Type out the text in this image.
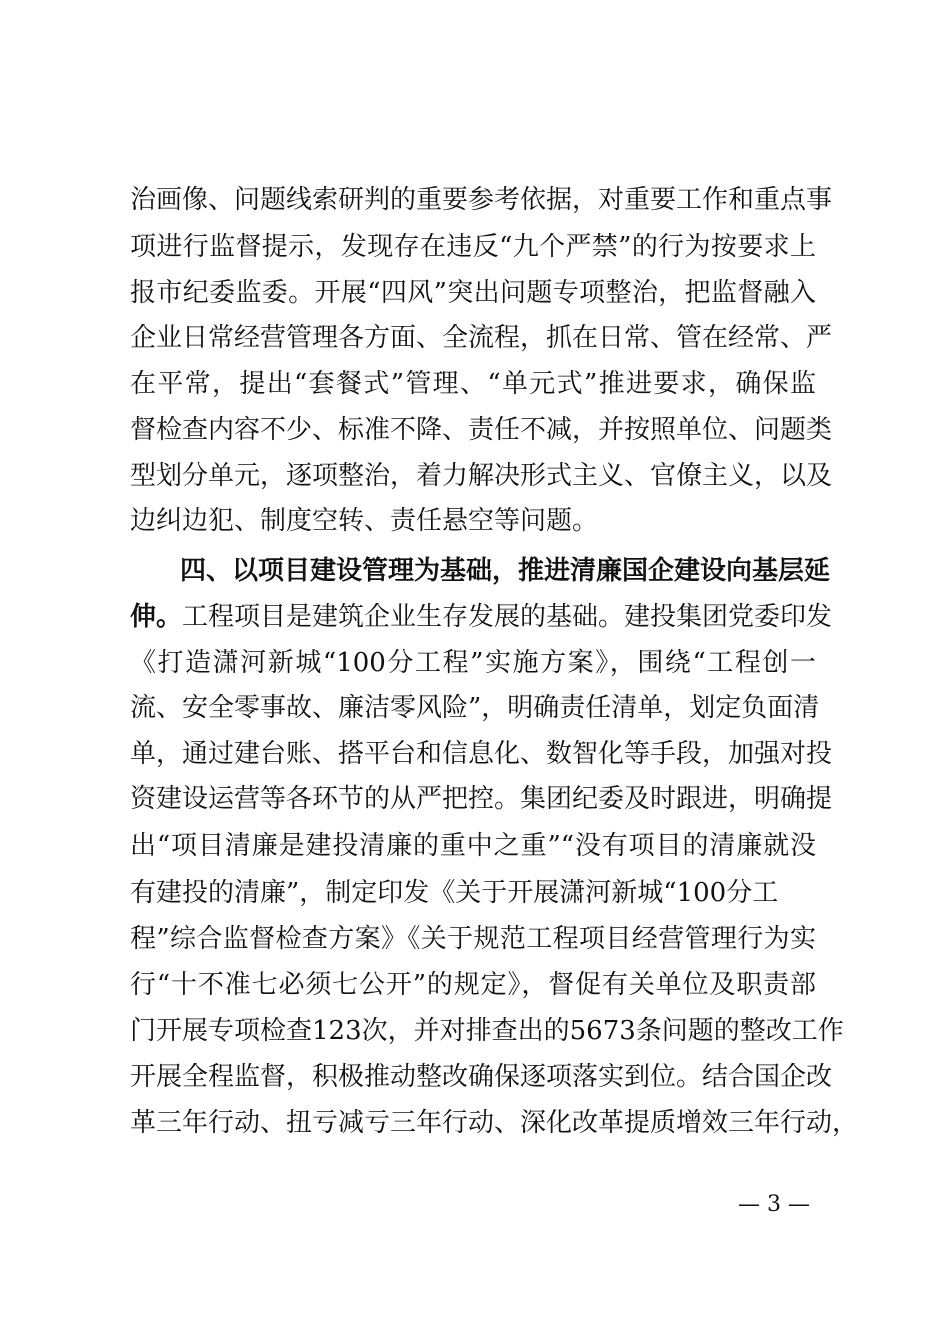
治画像、问题线索研判的重要参考依据，对重要工作和重点事
项进行监督提示，发现存在违反“九个严禁”的行为按要求上
报市纪委监委。开展“四风”突出问题专项整治，把监督融入
企业日常经营管理各方面、全流程，抓在日常、管在经常、严
在平常，提出“套餐式”管理、“单元式”推进要求，确保监
督检查内容不少、标准不降、责任不减，并按照单位、问题类
型划分单元，逐项整治，着力解决形式主义、官僚主义，以及
边纠边犯、制度空转、责任悬空等问题。
四、以项目建设管理为基础，推进清廉国企建设向基层延
伸。工程项目是建筑企业生存发展的基础。建投集团党委印发
《打造潇河新城“100分工程”实施方案》，围绕“工程创一
流、安全零事故、廉洁零风险”，明确责任清单，划定负面清
单，通过建台账、搭平台和信息化、数智化等手段，加强对投
资建设运营等各环节的从严把控。集团纪委及时跟进，明确提
出“项目清廉是建投清廉的重中之重”“没有项目的清廉就没
有建投的清廉”，制定印发《关于开展潇河新城“100分工
程”综合监督检查方案》《关于规范工程项目经营管理行为实
行“十不准七必须七公开”的规定》，督促有关单位及职责部
门开展专项检查123次，并对排查出的5673条问题的整改工作
开展全程监督，积极推动整改确保逐项落实到位。结合国企改
革三年行动、扭亏减亏三年行动、深化改革提质增效三年行动，
— 3 —
